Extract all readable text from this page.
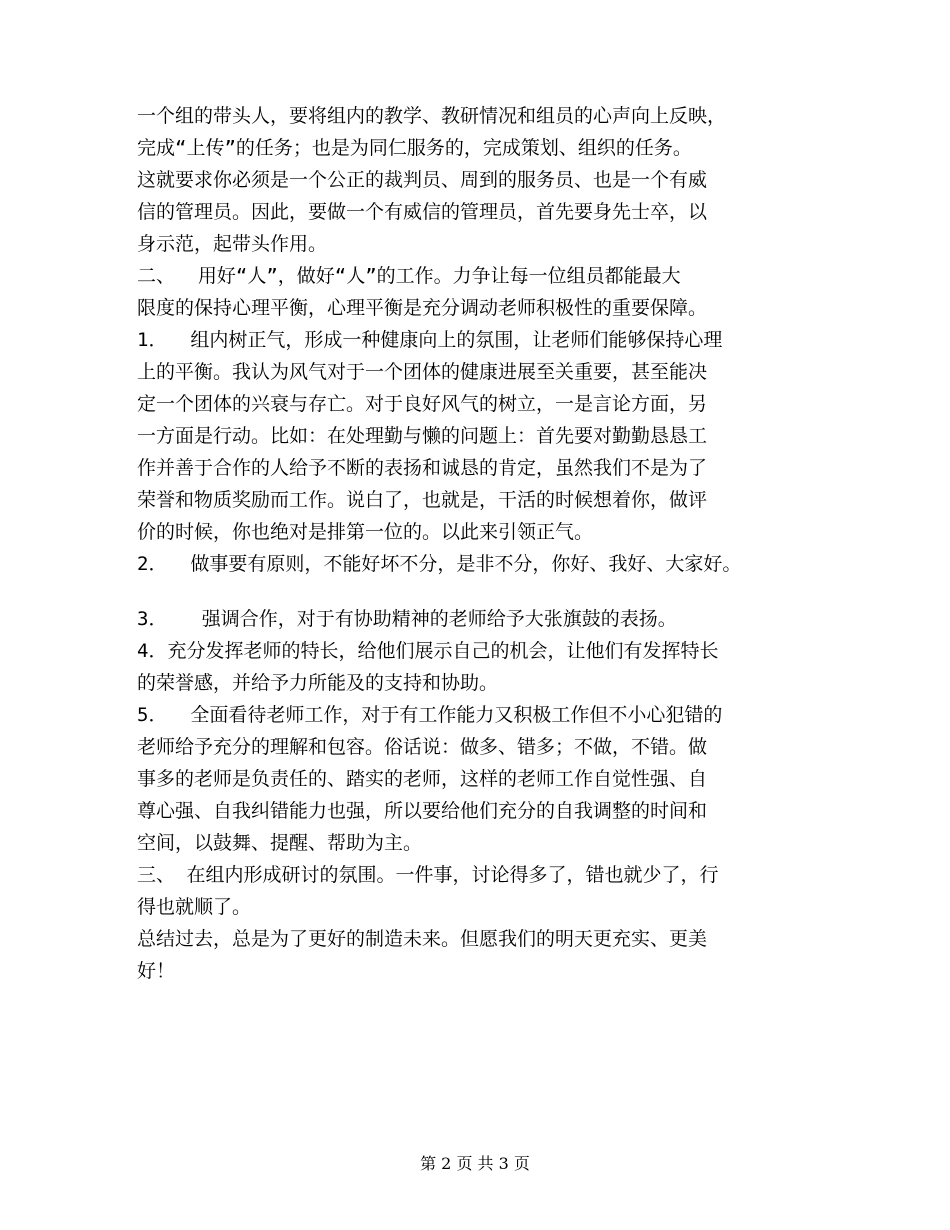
一个组的带头人，要将组内的教学、教研情况和组员的心声向上反映，
完成“上传”的任务；也是为同仁服务的，完成策划、组织的任务。
这就要求你必须是一个公正的裁判员、周到的服务员、也是一个有威
信的管理员。因此，要做一个有威信的管理员，首先要身先士卒，以
身示范，起带头作用。
二、  用好“人”，做好“人”的工作。力争让每一位组员都能最大
限度的保持心理平衡，心理平衡是充分调动老师积极性的重要保障。
1．  组内树正气，形成一种健康向上的氛围，让老师们能够保持心理
上的平衡。我认为风气对于一个团体的健康进展至关重要，甚至能决
定一个团体的兴衰与存亡。对于良好风气的树立，一是言论方面，另
一方面是行动。比如：在处理勤与懒的问题上：首先要对勤勤恳恳工
作并善于合作的人给予不断的表扬和诚恳的肯定，虽然我们不是为了
荣誉和物质奖励而工作。说白了，也就是，干活的时候想着你，做评
价的时候，你也绝对是排第一位的。以此来引领正气。
2．  做事要有原则，不能好坏不分，是非不分，你好、我好、大家好。
3．   强调合作，对于有协助精神的老师给予大张旗鼓的表扬。
4．充分发挥老师的特长，给他们展示自己的机会，让他们有发挥特长
的荣誉感，并给予力所能及的支持和协助。
5．  全面看待老师工作，对于有工作能力又积极工作但不小心犯错的
老师给予充分的理解和包容。俗话说：做多、错多；不做，不错。做
事多的老师是负责任的、踏实的老师，这样的老师工作自觉性强、自
尊心强、自我纠错能力也强，所以要给他们充分的自我调整的时间和
空间，以鼓舞、提醒、帮助为主。
三、 在组内形成研讨的氛围。一件事，讨论得多了，错也就少了，行
得也就顺了。
总结过去，总是为了更好的制造未来。但愿我们的明天更充实、更美
好！
第 2 页 共 3 页
